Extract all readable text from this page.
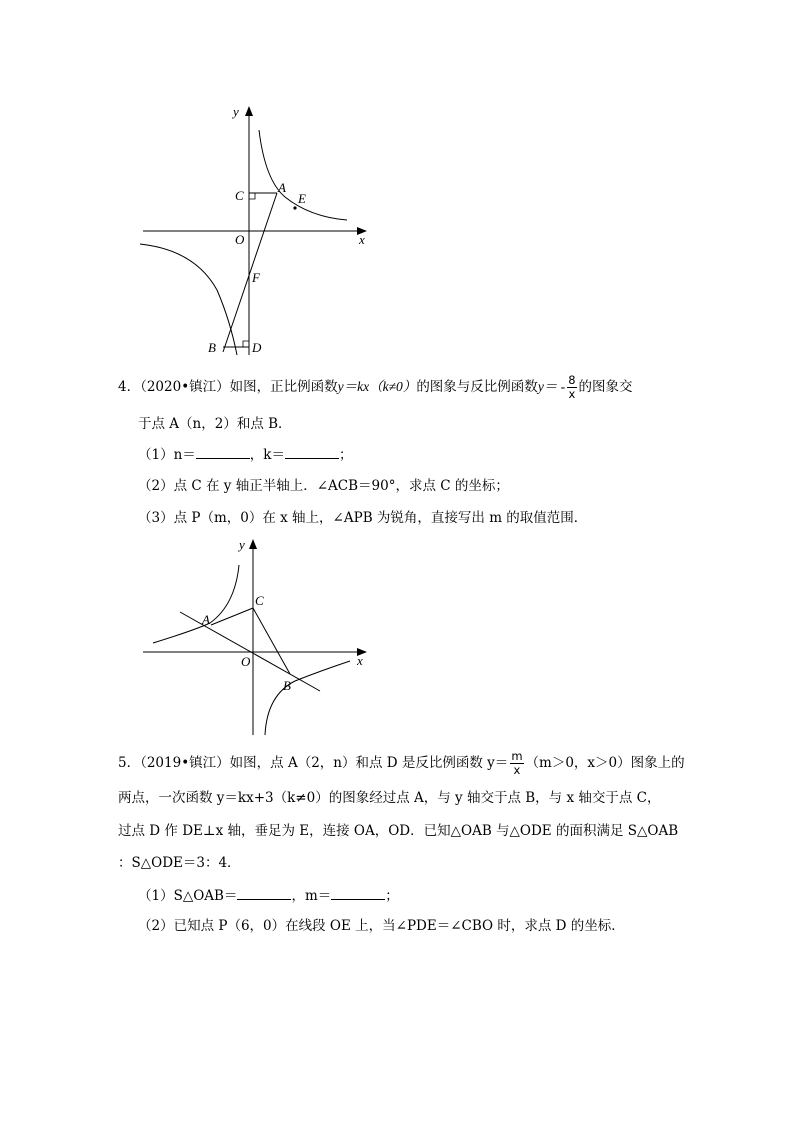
y
x
C
A
E
O
F
B	D
4．（2020•镇江）如图，正比例函数y＝kx（k≠0）的图象与反比例函数$y= - \frac{8}{x}$ 的图象交
于点 A（n，2）和点 B．
（1）n＝	，k＝	；
（2）点 C 在 y 轴正半轴上．∠ACB＝90°，求点 C 的坐标；
（3）点 P（m，0）在 x 轴上，∠APB 为锐角，直接写出 m 的取值范围．
y
x
C
A
O
B
5．（2019•镇江）如图，点 A（2，n）和点 D 是反比例函数 $y= \frac{m}{x} (m>0$，x＞0）图象上的
两点，一次函数 y＝kx+3（k≠0）的图象经过点 A，与 y 轴交于点 B，与 x 轴交于点 C，
过点 D 作 DE⊥x 轴，垂足为 E，连接 OA，OD．已知△OAB 与△ODE 的面积满足 S△OAB
：S△ODE＝3：4．
（1）S△OAB＝	，m＝	；
（2）已知点 P（6，0）在线段 OE 上，当∠PDE＝∠CBO 时，求点 D 的坐标．
